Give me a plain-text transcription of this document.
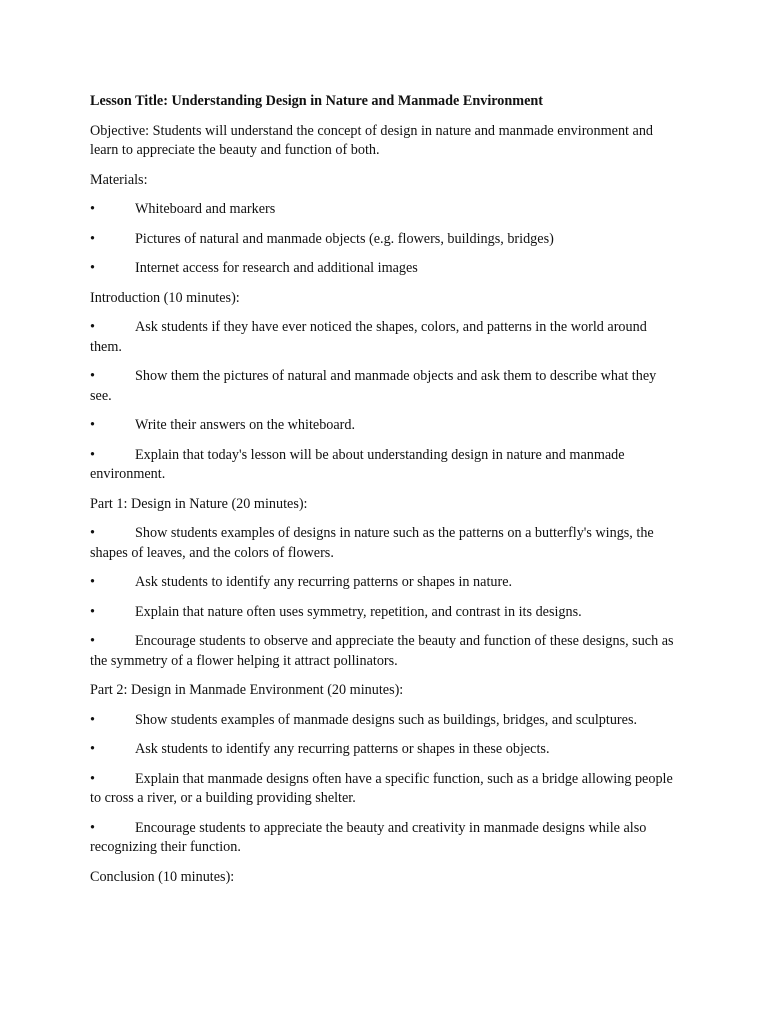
Lesson Title: Understanding Design in Nature and Manmade Environment
Objective: Students will understand the concept of design in nature and manmade environment and learn to appreciate the beauty and function of both.
Materials:
•	Whiteboard and markers
•	Pictures of natural and manmade objects (e.g. flowers, buildings, bridges)
•	Internet access for research and additional images
Introduction (10 minutes):
•	Ask students if they have ever noticed the shapes, colors, and patterns in the world around them.
•	Show them the pictures of natural and manmade objects and ask them to describe what they see.
•	Write their answers on the whiteboard.
•	Explain that today's lesson will be about understanding design in nature and manmade environment.
Part 1: Design in Nature (20 minutes):
•	Show students examples of designs in nature such as the patterns on a butterfly's wings, the shapes of leaves, and the colors of flowers.
•	Ask students to identify any recurring patterns or shapes in nature.
•	Explain that nature often uses symmetry, repetition, and contrast in its designs.
•	Encourage students to observe and appreciate the beauty and function of these designs, such as the symmetry of a flower helping it attract pollinators.
Part 2: Design in Manmade Environment (20 minutes):
•	Show students examples of manmade designs such as buildings, bridges, and sculptures.
•	Ask students to identify any recurring patterns or shapes in these objects.
•	Explain that manmade designs often have a specific function, such as a bridge allowing people to cross a river, or a building providing shelter.
•	Encourage students to appreciate the beauty and creativity in manmade designs while also recognizing their function.
Conclusion (10 minutes):
